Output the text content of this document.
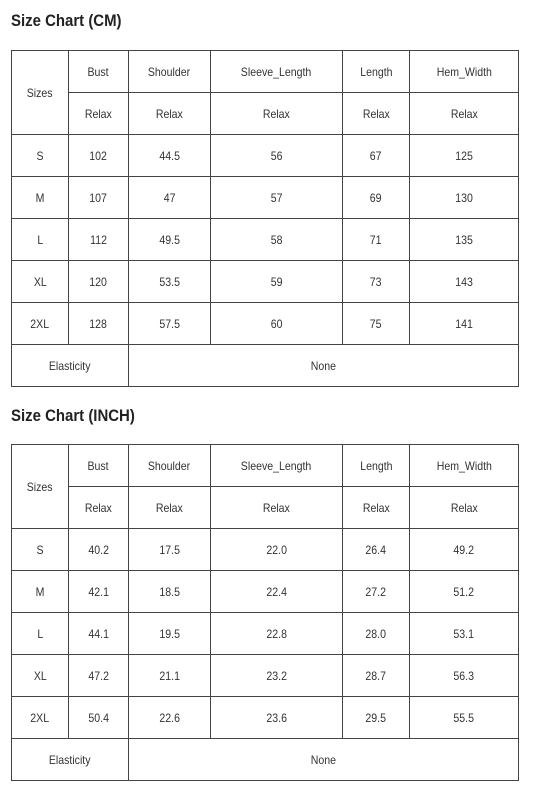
Size Chart (CM)
Sizes	Bust	Shoulder	Sleeve_Length	Length	Hem_Width
	Relax	Relax	Relax	Relax	Relax
S	102	44.5	56	67	125
M	107	47	57	69	130
L	112	49.5	58	71	135
XL	120	53.5	59	73	143
2XL	128	57.5	60	75	141
Elasticity		None			
Size Chart (INCH)
Sizes	Bust	Shoulder	Sleeve_Length	Length	Hem_Width
	Relax	Relax	Relax	Relax	Relax
S	40.2	17.5	22.0	26.4	49.2
M	42.1	18.5	22.4	27.2	51.2
L	44.1	19.5	22.8	28.0	53.1
XL	47.2	21.1	23.2	28.7	56.3
2XL	50.4	22.6	23.6	29.5	55.5
Elasticity		None			
